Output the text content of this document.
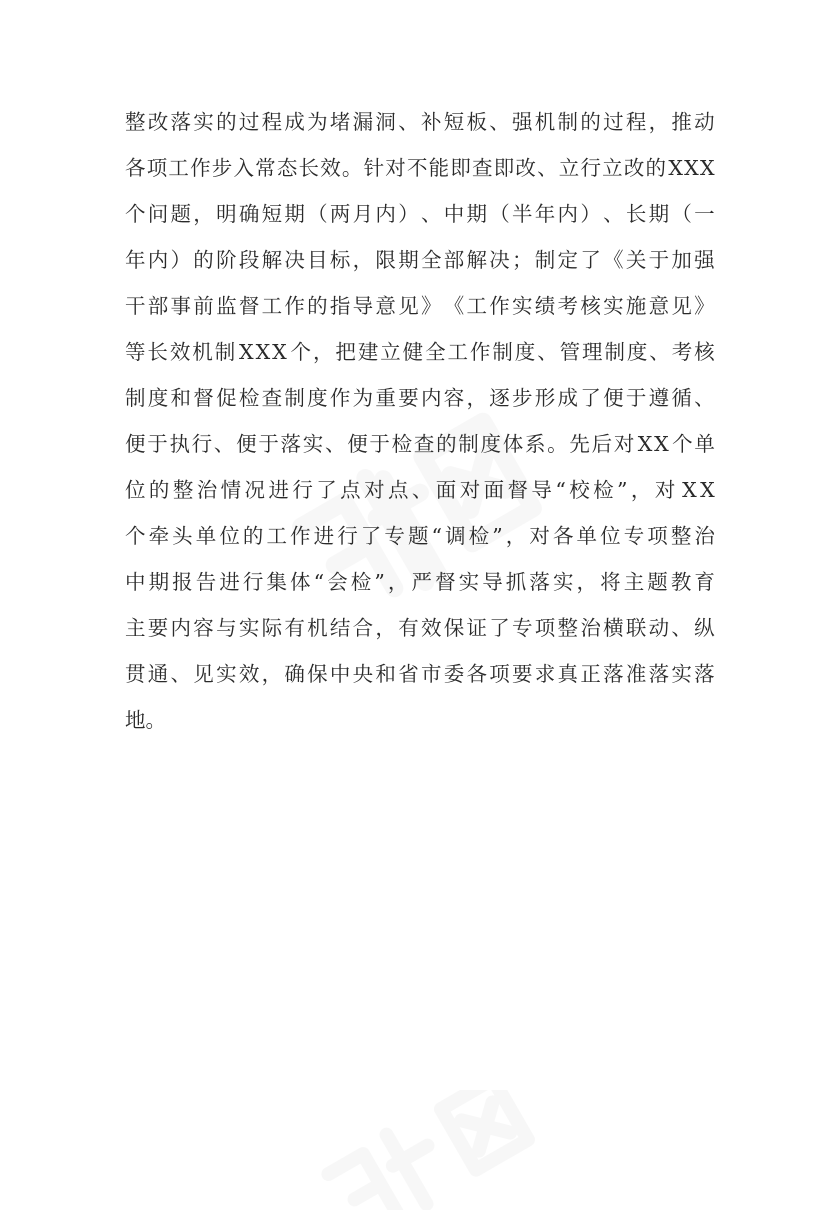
整 改 落 实 的 过 程 成 为 堵 漏 洞 、 补 短 板 、 强 机 制 的 过 程 ， 推 动
各 项 工 作 步 入 常 态 长 效 。 针 对 不 能 即 查 即 改 、 立 行 立 改 的 X X X
个 问 题 ， 明 确 短 期 （ 两 月 内 ） 、 中 期 （ 半 年 内 ） 、 长 期 （ 一
年 内 ） 的 阶 段 解 决 目 标 ， 限 期 全 部 解 决 ； 制 定 了 《 关 于 加 强
干 部 事 前 监 督 工 作 的 指 导 意 见 》 《 工 作 实 绩 考 核 实 施 意 见 》
等 长 效 机 制 X X X 个 ， 把 建 立 健 全 工 作 制 度 、 管 理 制 度 、 考 核
制 度 和 督 促 检 查 制 度 作 为 重 要 内 容 ， 逐 步 形 成 了 便 于 遵 循 、
便 于 执 行 、 便 于 落 实 、 便 于 检 查 的 制 度 体 系 。 先 后 对 X X 个 单
位 的 整 治 情 况 进 行 了 点 对 点 、 面 对 面 督 导 “ 校 检 ” ， 对 X X
个 牵 头 单 位 的 工 作 进 行 了 专 题 “ 调 检 ” ， 对 各 单 位 专 项 整 治
中 期 报 告 进 行 集 体 “ 会 检 ” ， 严 督 实 导 抓 落 实 ， 将 主 题 教 育
主 要 内 容 与 实 际 有 机 结 合 ， 有 效 保 证 了 专 项 整 治 横 联 动 、 纵
贯 通 、 见 实 效 ， 确 保 中 央 和 省 市 委 各 项 要 求 真 正 落 准 落 实 落
地。
